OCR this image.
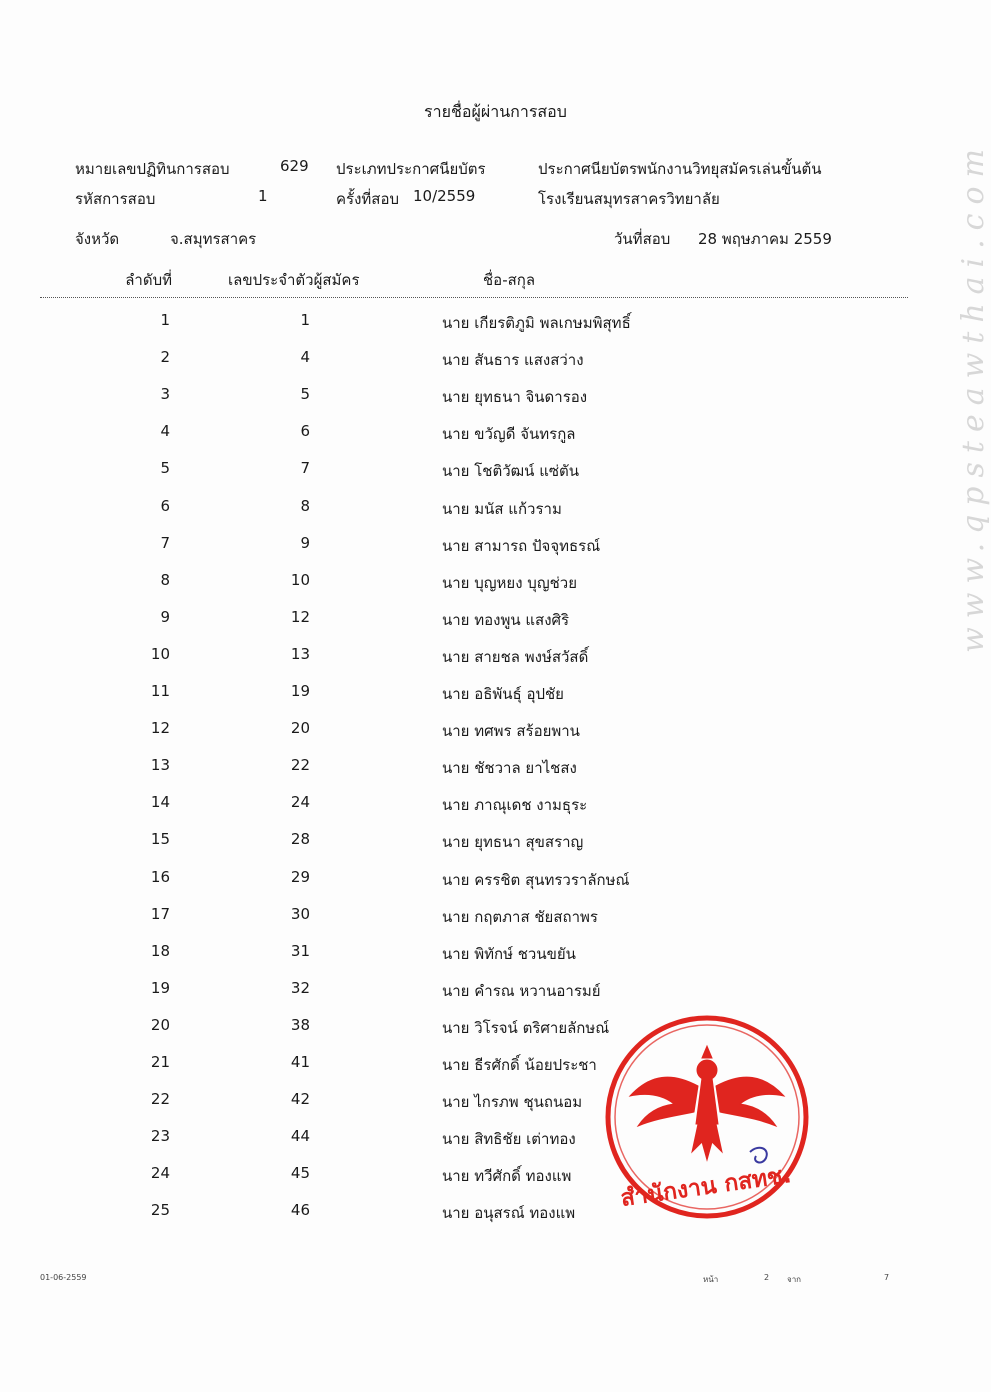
รายชื่อผู้ผ่านการสอบ
หมายเลขปฏิทินการสอบ	629 ประเภทประกาศนียบัตร	ประกาศนียบัตรพนักงานวิทยุสมัครเล่นขั้นต้น
รหัสการสอบ	1	ครั้งที่สอบ 10/2559	โรงเรียนสมุทรสาครวิทยาลัย
จังหวัด	จ.สมุทรสาคร	วันที่สอบ 28 พฤษภาคม 2559
ลำดับที่	เลขประจำตัวผู้สมัคร	ชื่อ-สกุล
1	1	นาย เกียรติภูมิ พลเกษมพิสุทธิ์
2	4	นาย สันธาร แสงสว่าง
3	5	นาย ยุทธนา จินดารอง
4	6	นาย ขวัญดี จันทรกูล
5	7	นาย โชติวัฒน์ แซ่ตัน
6	8	นาย มนัส แก้วราม
7	9	นาย สามารถ ปัจจุทธรณ์
8	10	นาย บุญหยง บุญช่วย
9	12	นาย ทองพูน แสงศิริ
10	13	นาย สายชล พงษ์สวัสดิ์
11	19	นาย อธิพันธุ์ อุปชัย
12	20	นาย ทศพร สร้อยพาน
13	22	นาย ชัชวาล ยาไชสง
14	24	นาย ภาณุเดช งามธุระ
15	28	นาย ยุทธนา สุขสราญ
16	29	นาย ครรชิต สุนทรวราลักษณ์
17	30	นาย กฤตภาส ชัยสถาพร
18	31	นาย พิทักษ์ ชวนขยัน
19	32	นาย คำรณ หวานอารมย์
20	38	นาย วิโรจน์ ตริศายลักษณ์
21	41	นาย ธีรศักดิ์ น้อยประชา
22	42	นาย ไกรภพ ชุนถนอม
23	44	นาย สิทธิชัย เต่าทอง
24	45	นาย ทวีศักดิ์ ทองแพ
25	46	นาย อนุสรณ์ ทองแพ
01-06-2559	หน้า	2 จาก	7
www.qpsteawthai.com
สำนักงาน กสทช.
